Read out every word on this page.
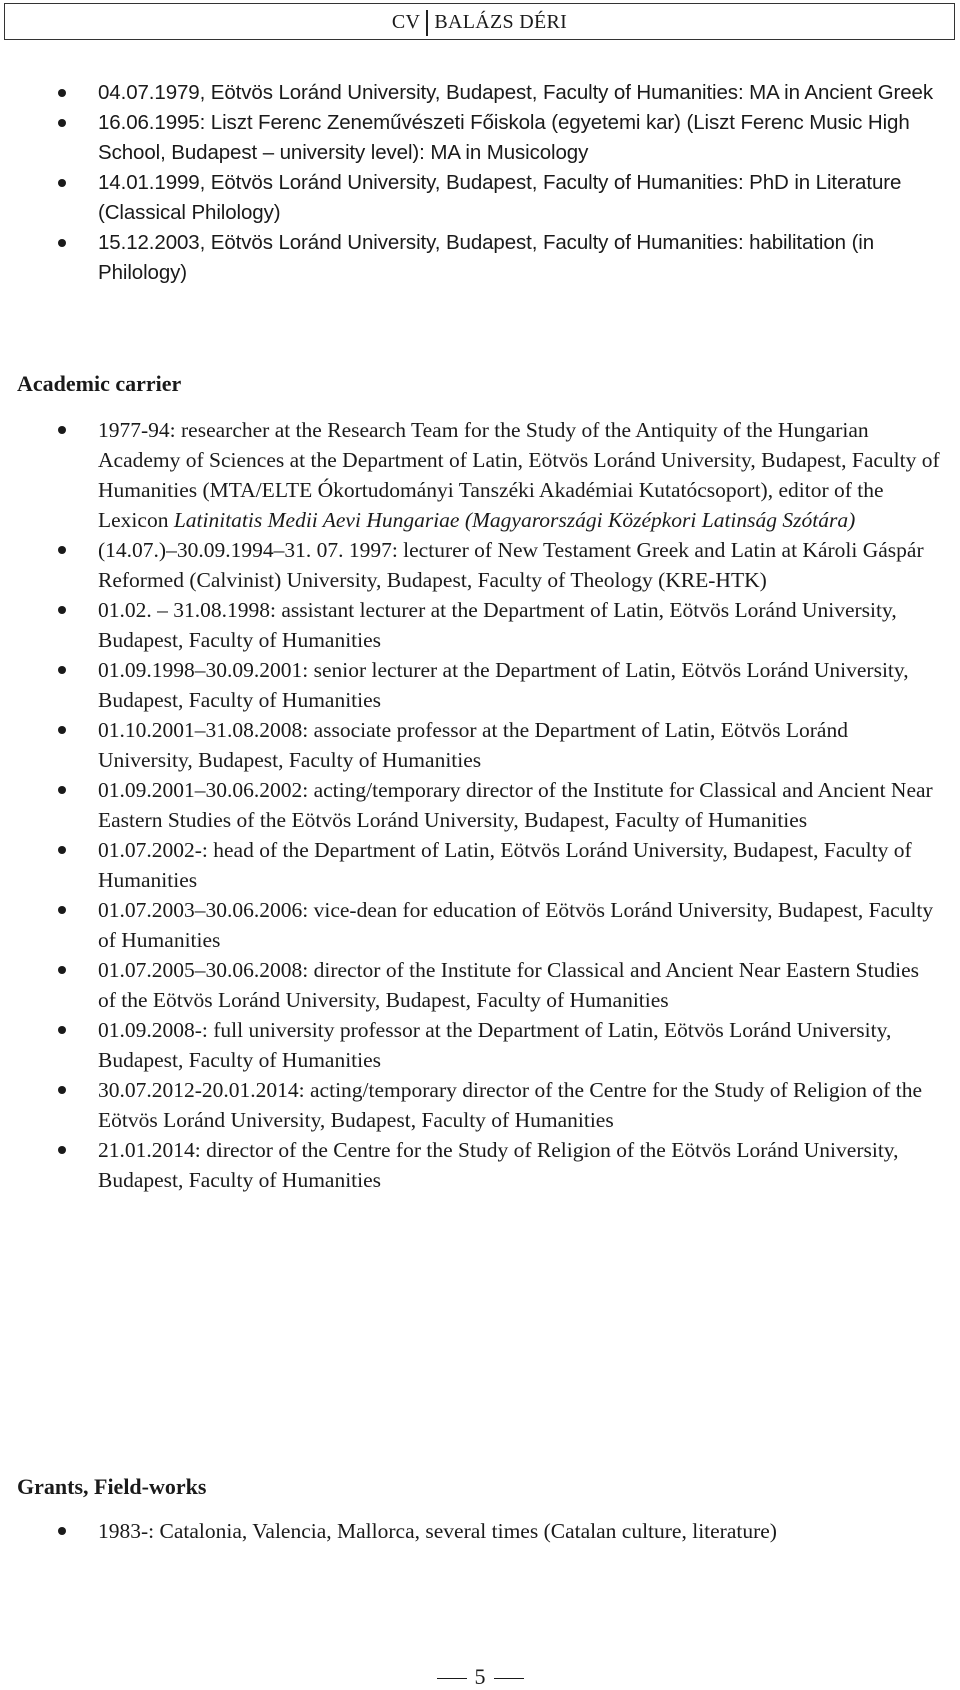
CV BALÁZS DÉRI
04.07.1979, Eötvös Loránd University, Budapest, Faculty of Humanities: MA in Ancient Greek
16.06.1995: Liszt Ferenc Zeneművészeti Főiskola (egyetemi kar) (Liszt Ferenc Music High School, Budapest – university level): MA in Musicology
14.01.1999, Eötvös Loránd University, Budapest, Faculty of Humanities: PhD in Literature (Classical Philology)
15.12.2003, Eötvös Loránd University, Budapest, Faculty of Humanities: habilitation (in Philology)
Academic carrier
1977-94: researcher at the Research Team for the Study of the Antiquity of the Hungarian Academy of Sciences at the Department of Latin, Eötvös Loránd University, Budapest, Faculty of Humanities (MTA/ELTE Ókortudományi Tanszéki Akadémiai Kutatócsoport), editor of the Lexicon Latinitatis Medii Aevi Hungariae (Magyarországi Középkori Latinság Szótára)
(14.07.)–30.09.1994–31. 07. 1997: lecturer of New Testament Greek and Latin at Károli Gáspár Reformed (Calvinist) University, Budapest, Faculty of Theology (KRE-HTK)
01.02. – 31.08.1998: assistant lecturer at the Department of Latin, Eötvös Loránd University, Budapest, Faculty of Humanities
01.09.1998–30.09.2001: senior lecturer at the Department of Latin, Eötvös Loránd University, Budapest, Faculty of Humanities
01.10.2001–31.08.2008: associate professor at the Department of Latin, Eötvös Loránd University, Budapest, Faculty of Humanities
01.09.2001–30.06.2002: acting/temporary director of the Institute for Classical and Ancient Near Eastern Studies of the Eötvös Loránd University, Budapest, Faculty of Humanities
01.07.2002-: head of the Department of Latin, Eötvös Loránd University, Budapest, Faculty of Humanities
01.07.2003–30.06.2006: vice-dean for education of Eötvös Loránd University, Budapest, Faculty of Humanities
01.07.2005–30.06.2008: director of the Institute for Classical and Ancient Near Eastern Studies of the Eötvös Loránd University, Budapest, Faculty of Humanities
01.09.2008-: full university professor at the Department of Latin, Eötvös Loránd University, Budapest, Faculty of Humanities
30.07.2012-20.01.2014: acting/temporary director of the Centre for the Study of Religion of the Eötvös Loránd University, Budapest, Faculty of Humanities
21.01.2014: director of the Centre for the Study of Religion of the Eötvös Loránd University, Budapest, Faculty of Humanities
Grants, Field-works
1983-: Catalonia, Valencia, Mallorca, several times (Catalan culture, literature)
5
